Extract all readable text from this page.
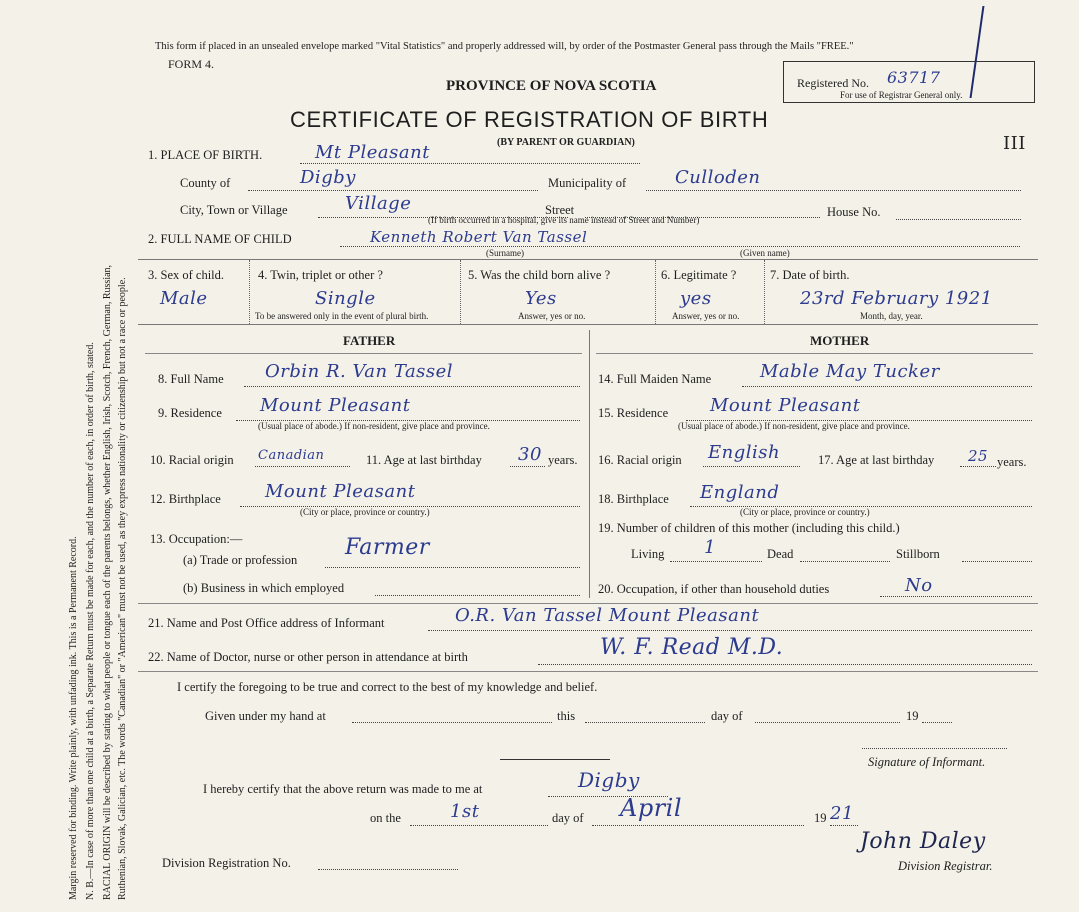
Margin reserved for binding. Write plainly, with unfading ink. This is a Permanent Record. N. B.—In case of more than one child at a birth, a Separate Return must be made for each, and the number of each, in order of birth, stated. RACIAL ORIGIN will be described by stating to what people or tongue each of the parents belongs, whether English, Irish, Scotch, French, German, Russian, Ruthenian, Slovak, Galician, etc. The words "Canadian" or "American" must not be used, as they express nationality or citizenship but not a race or people.
This form if placed in an unsealed envelope marked "Vital Statistics" and properly addressed will, by order of the Postmaster General pass through the Mails "FREE."
FORM 4.
PROVINCE OF NOVA SCOTIA
CERTIFICATE OF REGISTRATION OF BIRTH
(BY PARENT OR GUARDIAN)
Registered No. 63717
For use of Registrar General only.
III
1. PLACE OF BIRTH.	Mt Pleasant
County of	Digby	Municipality of	Culloden
City, Town or Village	Village	Street	House No.
(If birth occurred in a hospital, give its name instead of Street and Number)
2. FULL NAME OF CHILD	Kenneth Robert Van Tassel
(Surname)	(Given name)
3. Sex of child.
Male
4. Twin, triplet or other ?
Single
To be answered only in the event of plural birth.
5. Was the child born alive ?
Yes
Answer, yes or no.
6. Legitimate ?
yes
Answer, yes or no.
7. Date of birth.
23rd February 1921
Month, day, year.
FATHER	MOTHER
8. Full Name Orbin R. Van Tassel
9. Residence Mount Pleasant
(Usual place of abode.) If non-resident, give place and province.
10. Racial origin Canadian	11. Age at last birthday 30 years.
12. Birthplace Mount Pleasant
(City or place, province or country.)
13. Occupation:—
(a) Trade or profession Farmer
(b) Business in which employed
14. Full Maiden Name	Mable May Tucker
15. Residence Mount Pleasant
(Usual place of abode.) If non-resident, give place and province.
16. Racial origin English	17. Age at last birthday 25 years.
18. Birthplace England
(City or place, province or country.)
19. Number of children of this mother (including this child.)
Living 1	Dead	Stillborn
20. Occupation, if other than household duties	No
21. Name and Post Office address of Informant	O.R. Van Tassel Mount Pleasant
22. Name of Doctor, nurse or other person in attendance at birth	W. F. Read M.D.
I certify the foregoing to be true and correct to the best of my knowledge and belief.
Given under my hand at	this	day of	19
Signature of Informant.
I hereby certify that the above return was made to me at	Digby
on the	1st	day of April	19 21
Division Registration No.
John Daley
Division Registrar.
